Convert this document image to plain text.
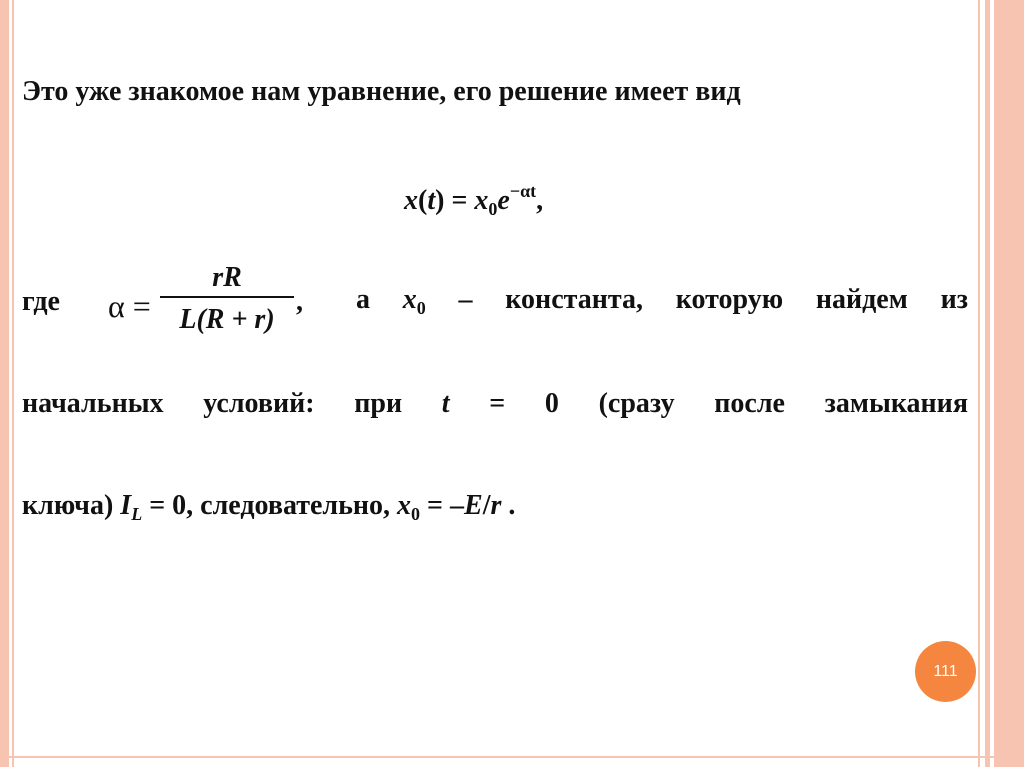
Это уже знакомое нам уравнение, его решение имеет вид
$x(t) = x_0e^{-\alpha t}$,
где α =
rR
L(R + r)
, а $x_0$ – константа, которую найдем из
начальных условий: при t = 0 (сразу после замыкания
ключа) $I_L = 0$, следовательно, $x_0 = -E/r$ .
111
